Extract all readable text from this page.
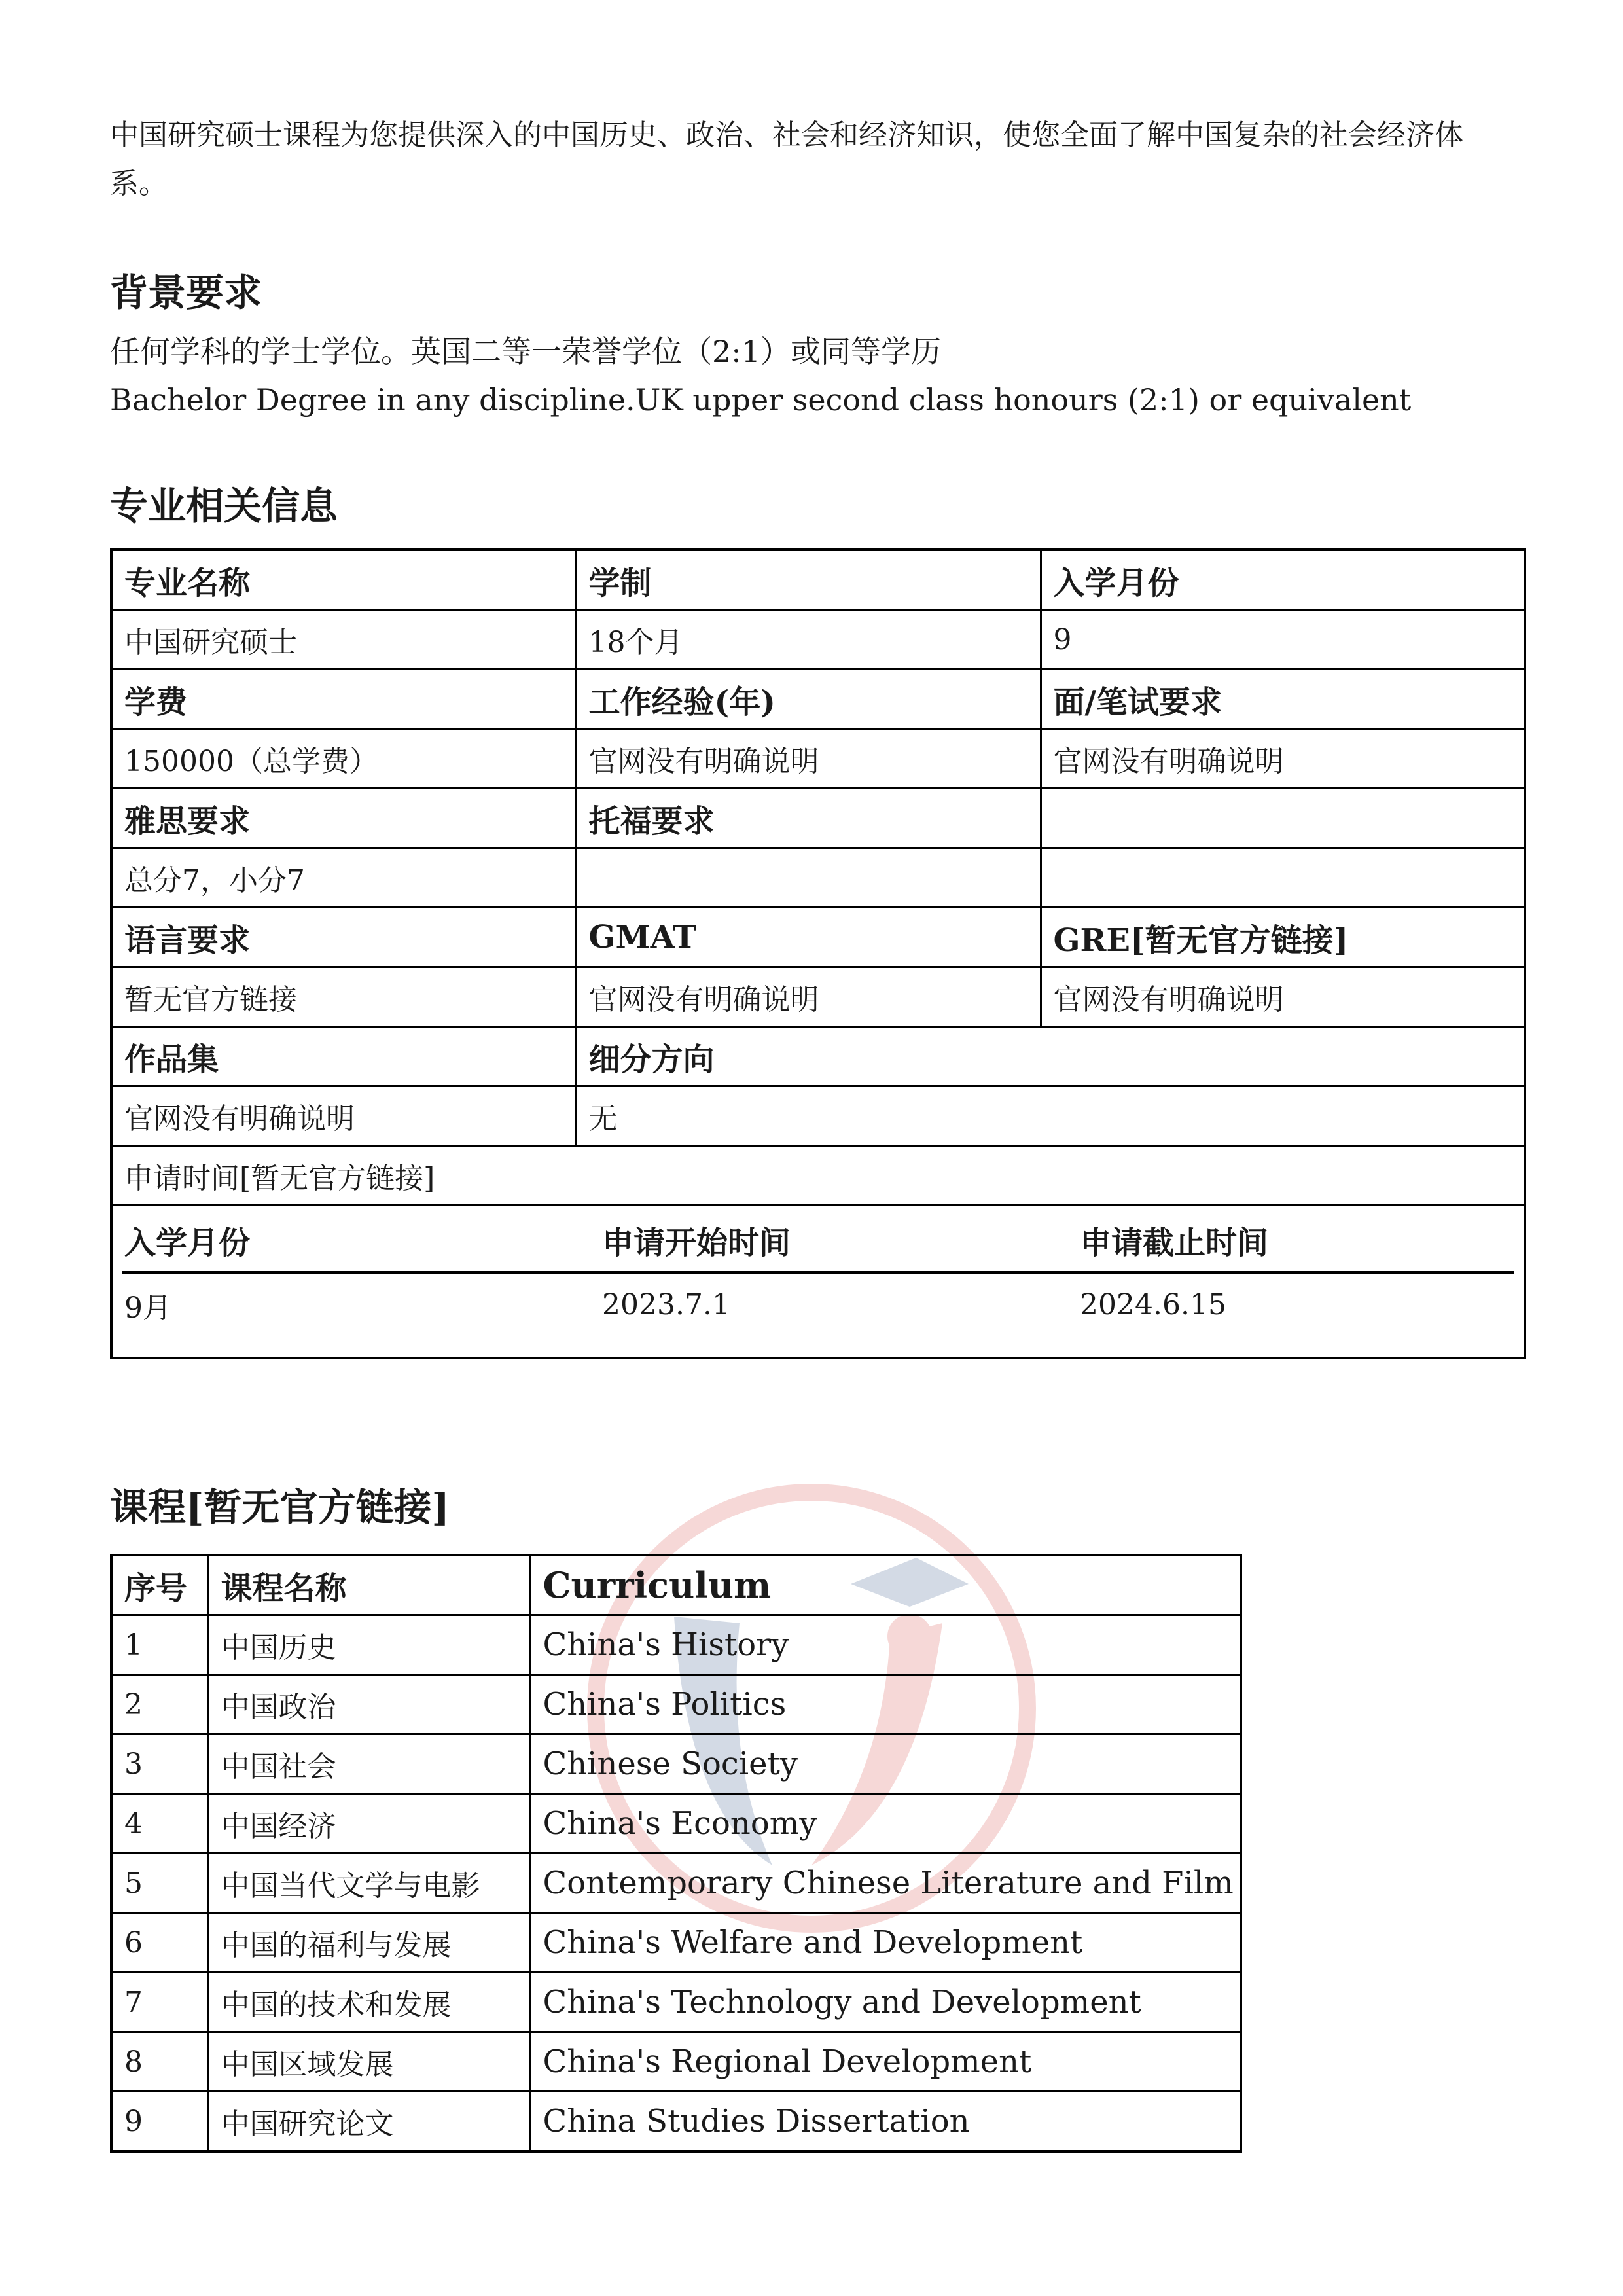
中国研究硕士课程为您提供深入的中国历史、政治、社会和经济知识，使您全面了解中国复杂的社会经济体系。

背景要求
任何学科的学士学位。英国二等一荣誉学位（2:1）或同等学历
Bachelor Degree in any discipline.UK upper second class honours (2:1) or equivalent
专业相关信息
专业名称	学制	入学月份
中国研究硕士	18个月	9
学费	工作经验(年)	面/笔试要求
150000（总学费）	官网没有明确说明	官网没有明确说明
雅思要求	托福要求	
总分7，小分7		
语言要求	GMAT	GRE[暂无官方链接]
暂无官方链接	官网没有明确说明	官网没有明确说明
作品集	细分方向
官网没有明确说明	无
申请时间[暂无官方链接]

入学月份	申请开始时间	申请截止时间
9月	2023.7.1	2024.6.15
课程[暂无官方链接]
序号	课程名称	Curriculum
1	中国历史	China's History
2	中国政治	China's Politics
3	中国社会	Chinese Society
4	中国经济	China's Economy
5	中国当代文学与电影	Contemporary Chinese Literature and Film
6	中国的福利与发展	China's Welfare and Development
7	中国的技术和发展	China's Technology and Development
8	中国区域发展	China's Regional Development
9	中国研究论文	China Studies Dissertation
